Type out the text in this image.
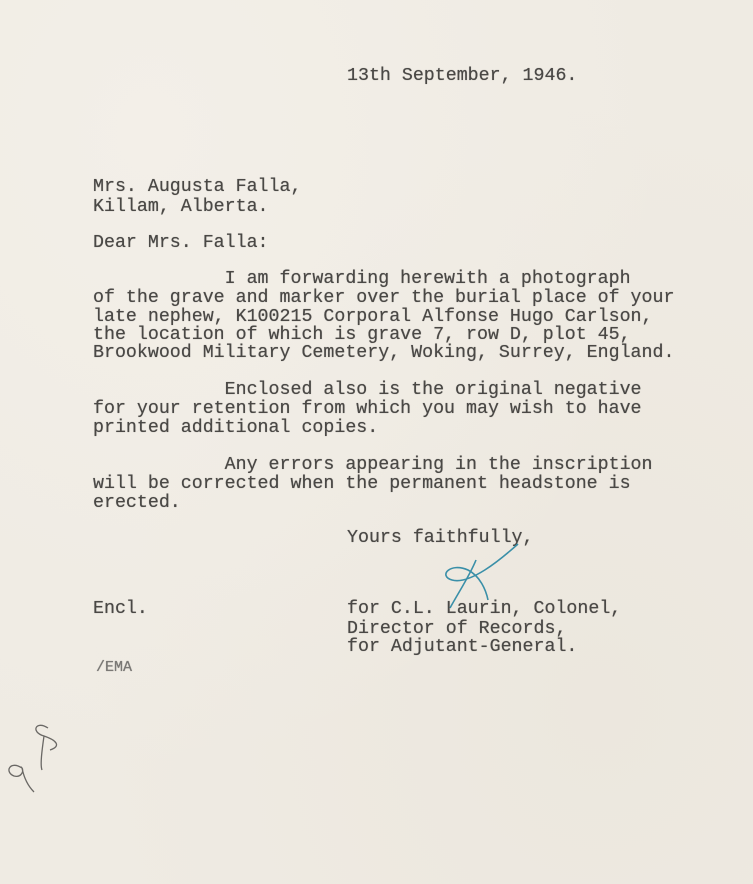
13th September, 1946.
Mrs. Augusta Falla,
Killam, Alberta.
Dear Mrs. Falla:
I am forwarding herewith a photograph
of the grave and marker over the burial place of your
late nephew, K100215 Corporal Alfonse Hugo Carlson,
the location of which is grave 7, row D, plot 45,
Brookwood Military Cemetery, Woking, Surrey, England.
Enclosed also is the original negative
for your retention from which you may wish to have
printed additional copies.
Any errors appearing in the inscription
will be corrected when the permanent headstone is
erected.
Yours faithfully,
Encl.	for C.L. Laurin, Colonel,
Director of Records,
for Adjutant-General.
/EMA
